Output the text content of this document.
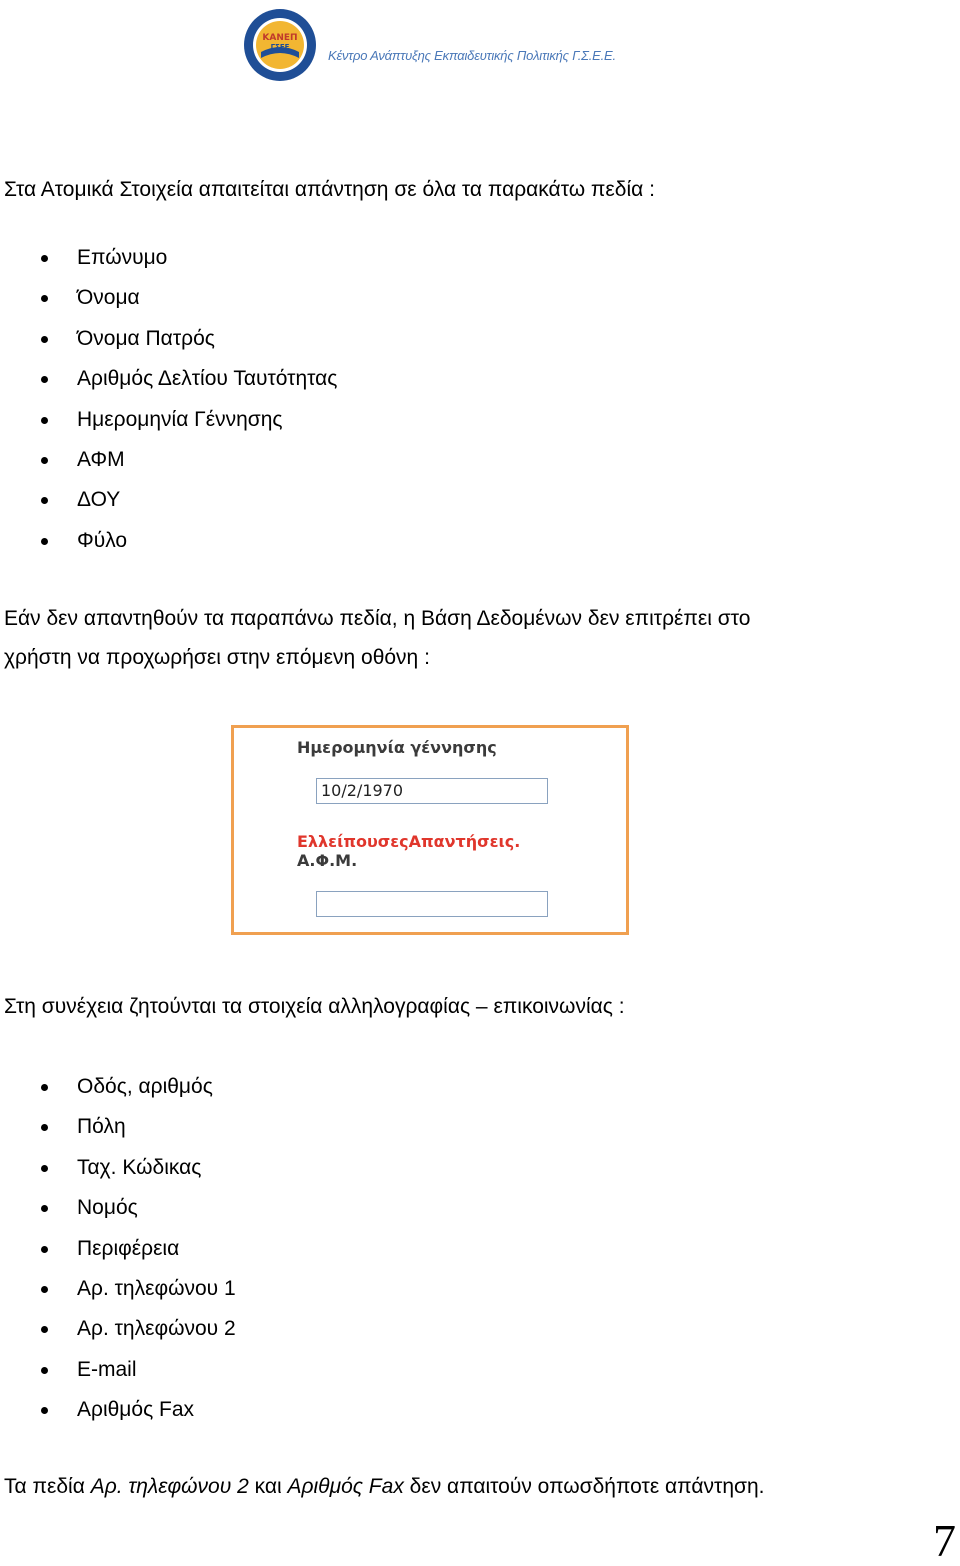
ΚΑΝΕΠ
ΓΣΕΕ
Κέντρο Ανάπτυξης Εκπαιδευτικής Πολιτικής Γ.Σ.Ε.Ε.
Στα Ατομικά Στοιχεία απαιτείται απάντηση σε όλα τα παρακάτω πεδία :
Επώνυμο
Όνομα
Όνομα Πατρός
Αριθμός Δελτίου Ταυτότητας
Ημερομηνία Γέννησης
ΑΦΜ
ΔΟΥ
Φύλο
Εάν δεν απαντηθούν τα παραπάνω πεδία, η Βάση Δεδομένων δεν επιτρέπει στο
χρήστη να προχωρήσει στην επόμενη οθόνη :
Ημερομηνία γέννησης
10/2/1970
ΕλλείπουσεςΑπαντήσεις.
Α.Φ.Μ.
Στη συνέχεια ζητούνται τα στοιχεία αλληλογραφίας – επικοινωνίας :
Οδός, αριθμός
Πόλη
Ταχ. Κώδικας
Νομός
Περιφέρεια
Αρ. τηλεφώνου 1
Αρ. τηλεφώνου 2
E-mail
Αριθμός Fax
Τα πεδία Αρ. τηλεφώνου 2 και Αριθμός Fax δεν απαιτούν οπωσδήποτε απάντηση.
7
